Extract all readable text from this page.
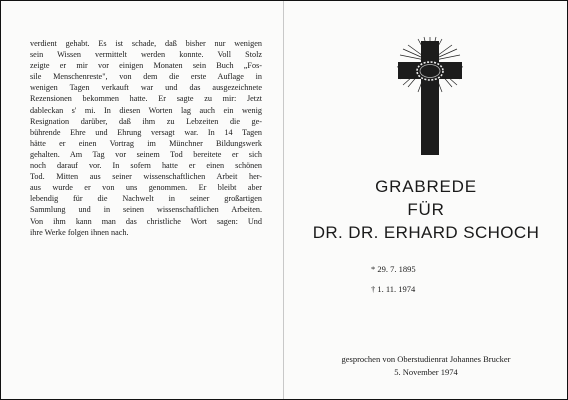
verdient gehabt. Es ist schade, daß bisher nur wenigen
sein Wissen vermittelt werden konnte. Voll Stolz
zeigte er mir vor einigen Monaten sein Buch „Fos-
sile Menschenreste", von dem die erste Auflage in
wenigen Tagen verkauft war und das ausgezeichnete
Rezensionen bekommen hatte. Er sagte zu mir: Jetzt
dableckan s' mi. In diesen Worten lag auch ein wenig
Resignation darüber, daß ihm zu Lebzeiten die ge-
bührende Ehre und Ehrung versagt war. In 14 Tagen
hätte er einen Vortrag im Münchner Bildungswerk
gehalten. Am Tag vor seinem Tod bereitete er sich
noch darauf vor. In sofern hatte er einen schönen
Tod. Mitten aus seiner wissenschaftlichen Arbeit her-
aus wurde er von uns genommen. Er bleibt aber
lebendig für die Nachwelt in seiner großartigen
Sammlung und in seinen wissenschaftlichen Arbeiten.
Von ihm kann man das christliche Wort sagen: Und
ihre Werke folgen ihnen nach.
GRABREDE
FÜR
DR. DR. ERHARD SCHOCH
* 29. 7. 1895
† 1. 11. 1974
gesprochen von Oberstudienrat Johannes Brucker
5. November 1974
